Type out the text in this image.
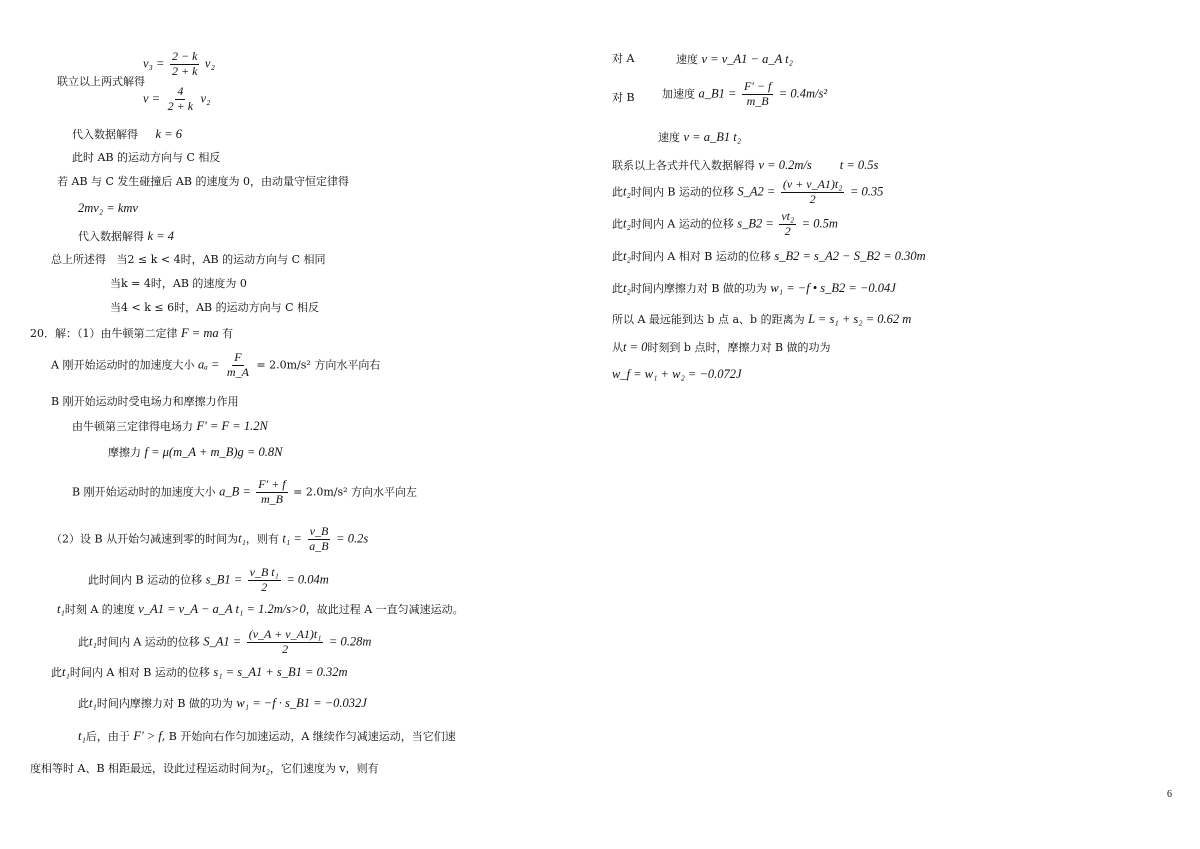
$v_3 = \frac{2 - k}{2 + k} v_2$
联立以上两式解得
$v = \frac{4}{2 + k} v_2$
代入数据解得 k = 6
此时 AB 的运动方向与 C 相反
若 AB 与 C 发生碰撞后 AB 的速度为 0，由动量守恒定律得
2mv₂ = kmv
代入数据解得 k = 4
总上所述得 当2 ≤ k < 4时，AB 的运动方向与 C 相同
当k = 4时，AB 的速度为 0
当4 < k ≤ 6时，AB 的运动方向与 C 相反
20．解：（1）由牛顿第二定律 F = ma 有
A 刚开始运动时的加速度大小 $a_a = \frac{F}{m\_A} = 2.0m/s^2$ 方向水平向右
B 刚开始运动时受电场力和摩擦力作用
由牛顿第三定律得电场力 F' = F = 1.2N
摩擦力 f = μ(m_A + m_B)g = 0.8N
B 刚开始运动时的加速度大小 a_B = $\frac{F' + f}{m\_B} = 2.0m/s^2$ 方向水平向左
（2）设 B 从开始匀减速到零的时间为t₁，则有 $t_1 = \frac{v\_B}{a\_B} = 0.2s$
此时间内 B 运动的位移 s_B1 = $\frac{\text{v\_B t₁}}{2} = 0.04m$
t₁时刻 A 的速度 v_A1 = v_A − a_A t₁ = 1.2m/s>0，故此过程 A 一直匀减速运动。
此t₁时间内 A 运动的位移 S_A1 = $\frac{\text{(v\_A + v\_A1)t₁}}{2} = 0.28m$
此t₁时间内 A 相对 B 运动的位移 s₁ = s_A1 + s_B1 = 0.32m
此t₁时间内摩擦力对 B 做的功为 w₁ = −f · s_B1 = −0.032J
t₁后，由于 F' > f, B 开始向右作匀加速运动，A 继续作匀减速运动，当它们速
度相等时 A、B 相距最远，设此过程运动时间为t₂，它们速度为 v，则有
对 A	速度 v = v_A1 − a_A t₂
对 B 加速度 a_B1 = $\frac{F' - f}{m\_B} = 0.4m/s^2$
速度 v = a_B1 t₂
联系以上各式并代入数据解得 v = 0.2m/s t = 0.5s
此t₂时间内 B 运动的位移 S_A2 = $\frac{\text{(v + v\_A1)t₂}}{2} = 0.35$
此t₂时间内 A 运动的位移 s_B2 = $\frac{\text{vt₂}}{2} = 0.5m$
此t₂时间内 A 相对 B 运动的位移 s_B2 = s_A2 − S_B2 = 0.30m
此t₂时间内摩擦力对 B 做的功为 w₁ = −f • s_B2 = −0.04J
所以 A 最远能到达 b 点 a、b 的距离为 L = s₁ + s₂ = 0.62 m
从t = 0时刻到 b 点时，摩擦力对 B 做的功为
w_f = w₁ + w₂ = −0.072J
6
